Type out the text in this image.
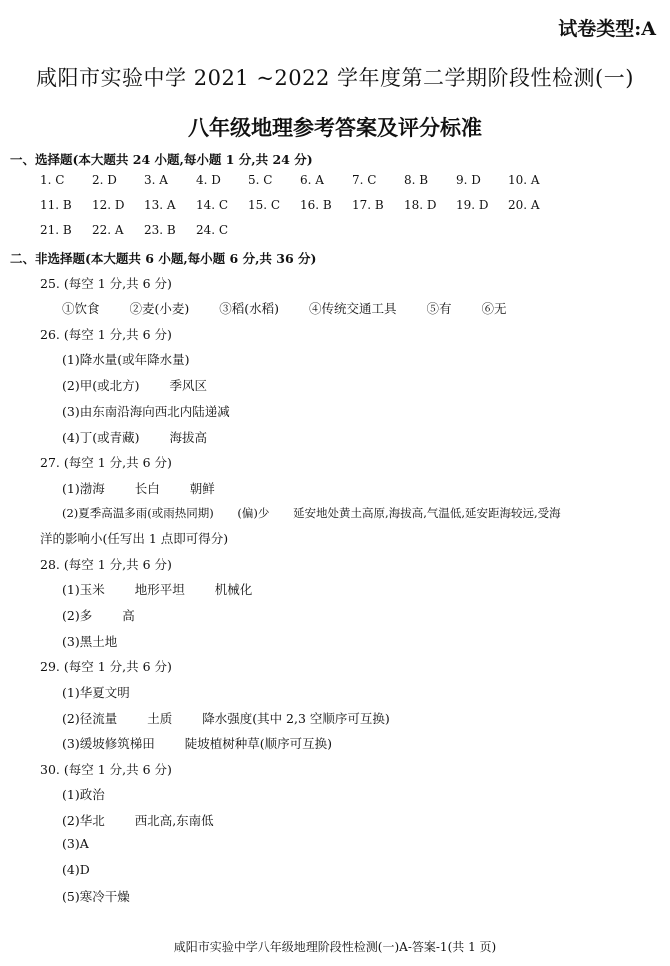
试卷类型:A
咸阳市实验中学 2021 ~2022 学年度第二学期阶段性检测(一)
八年级地理参考答案及评分标准
一、选择题(本大题共 24 小题,每小题 1 分,共 24 分)
1. C 2. D 3. A 4. D 5. C 6. A 7. C 8. B 9. D 10. A
11. B 12. D 13. A 14. C 15. C 16. B 17. B 18. D 19. D 20. A
21. B 22. A 23. B 24. C
二、非选择题(本大题共 6 小题,每小题 6 分,共 36 分)
25. (每空 1 分,共 6 分)
①饮食 ②麦(小麦) ③稻(水稻) ④传统交通工具 ⑤有 ⑥无
26. (每空 1 分,共 6 分)
(1)降水量(或年降水量)
(2)甲(或北方) 季风区
(3)由东南沿海向西北内陆递减
(4)丁(或青藏) 海拔高
27. (每空 1 分,共 6 分)
(1)渤海 长白 朝鲜
(2)夏季高温多雨(或雨热同期) (偏)少 延安地处黄土高原,海拔高,气温低,延安距海较远,受海
洋的影响小(任写出 1 点即可得分)
28. (每空 1 分,共 6 分)
(1)玉米 地形平坦 机械化
(2)多 高
(3)黑土地
29. (每空 1 分,共 6 分)
(1)华夏文明
(2)径流量 土质 降水强度(其中 2,3 空顺序可互换)
(3)缓坡修筑梯田 陡坡植树种草(顺序可互换)
30. (每空 1 分,共 6 分)
(1)政治
(2)华北 西北高,东南低
(3)A
(4)D
(5)寒冷干燥
咸阳市实验中学八年级地理阶段性检测(一)A-答案-1(共 1 页)
